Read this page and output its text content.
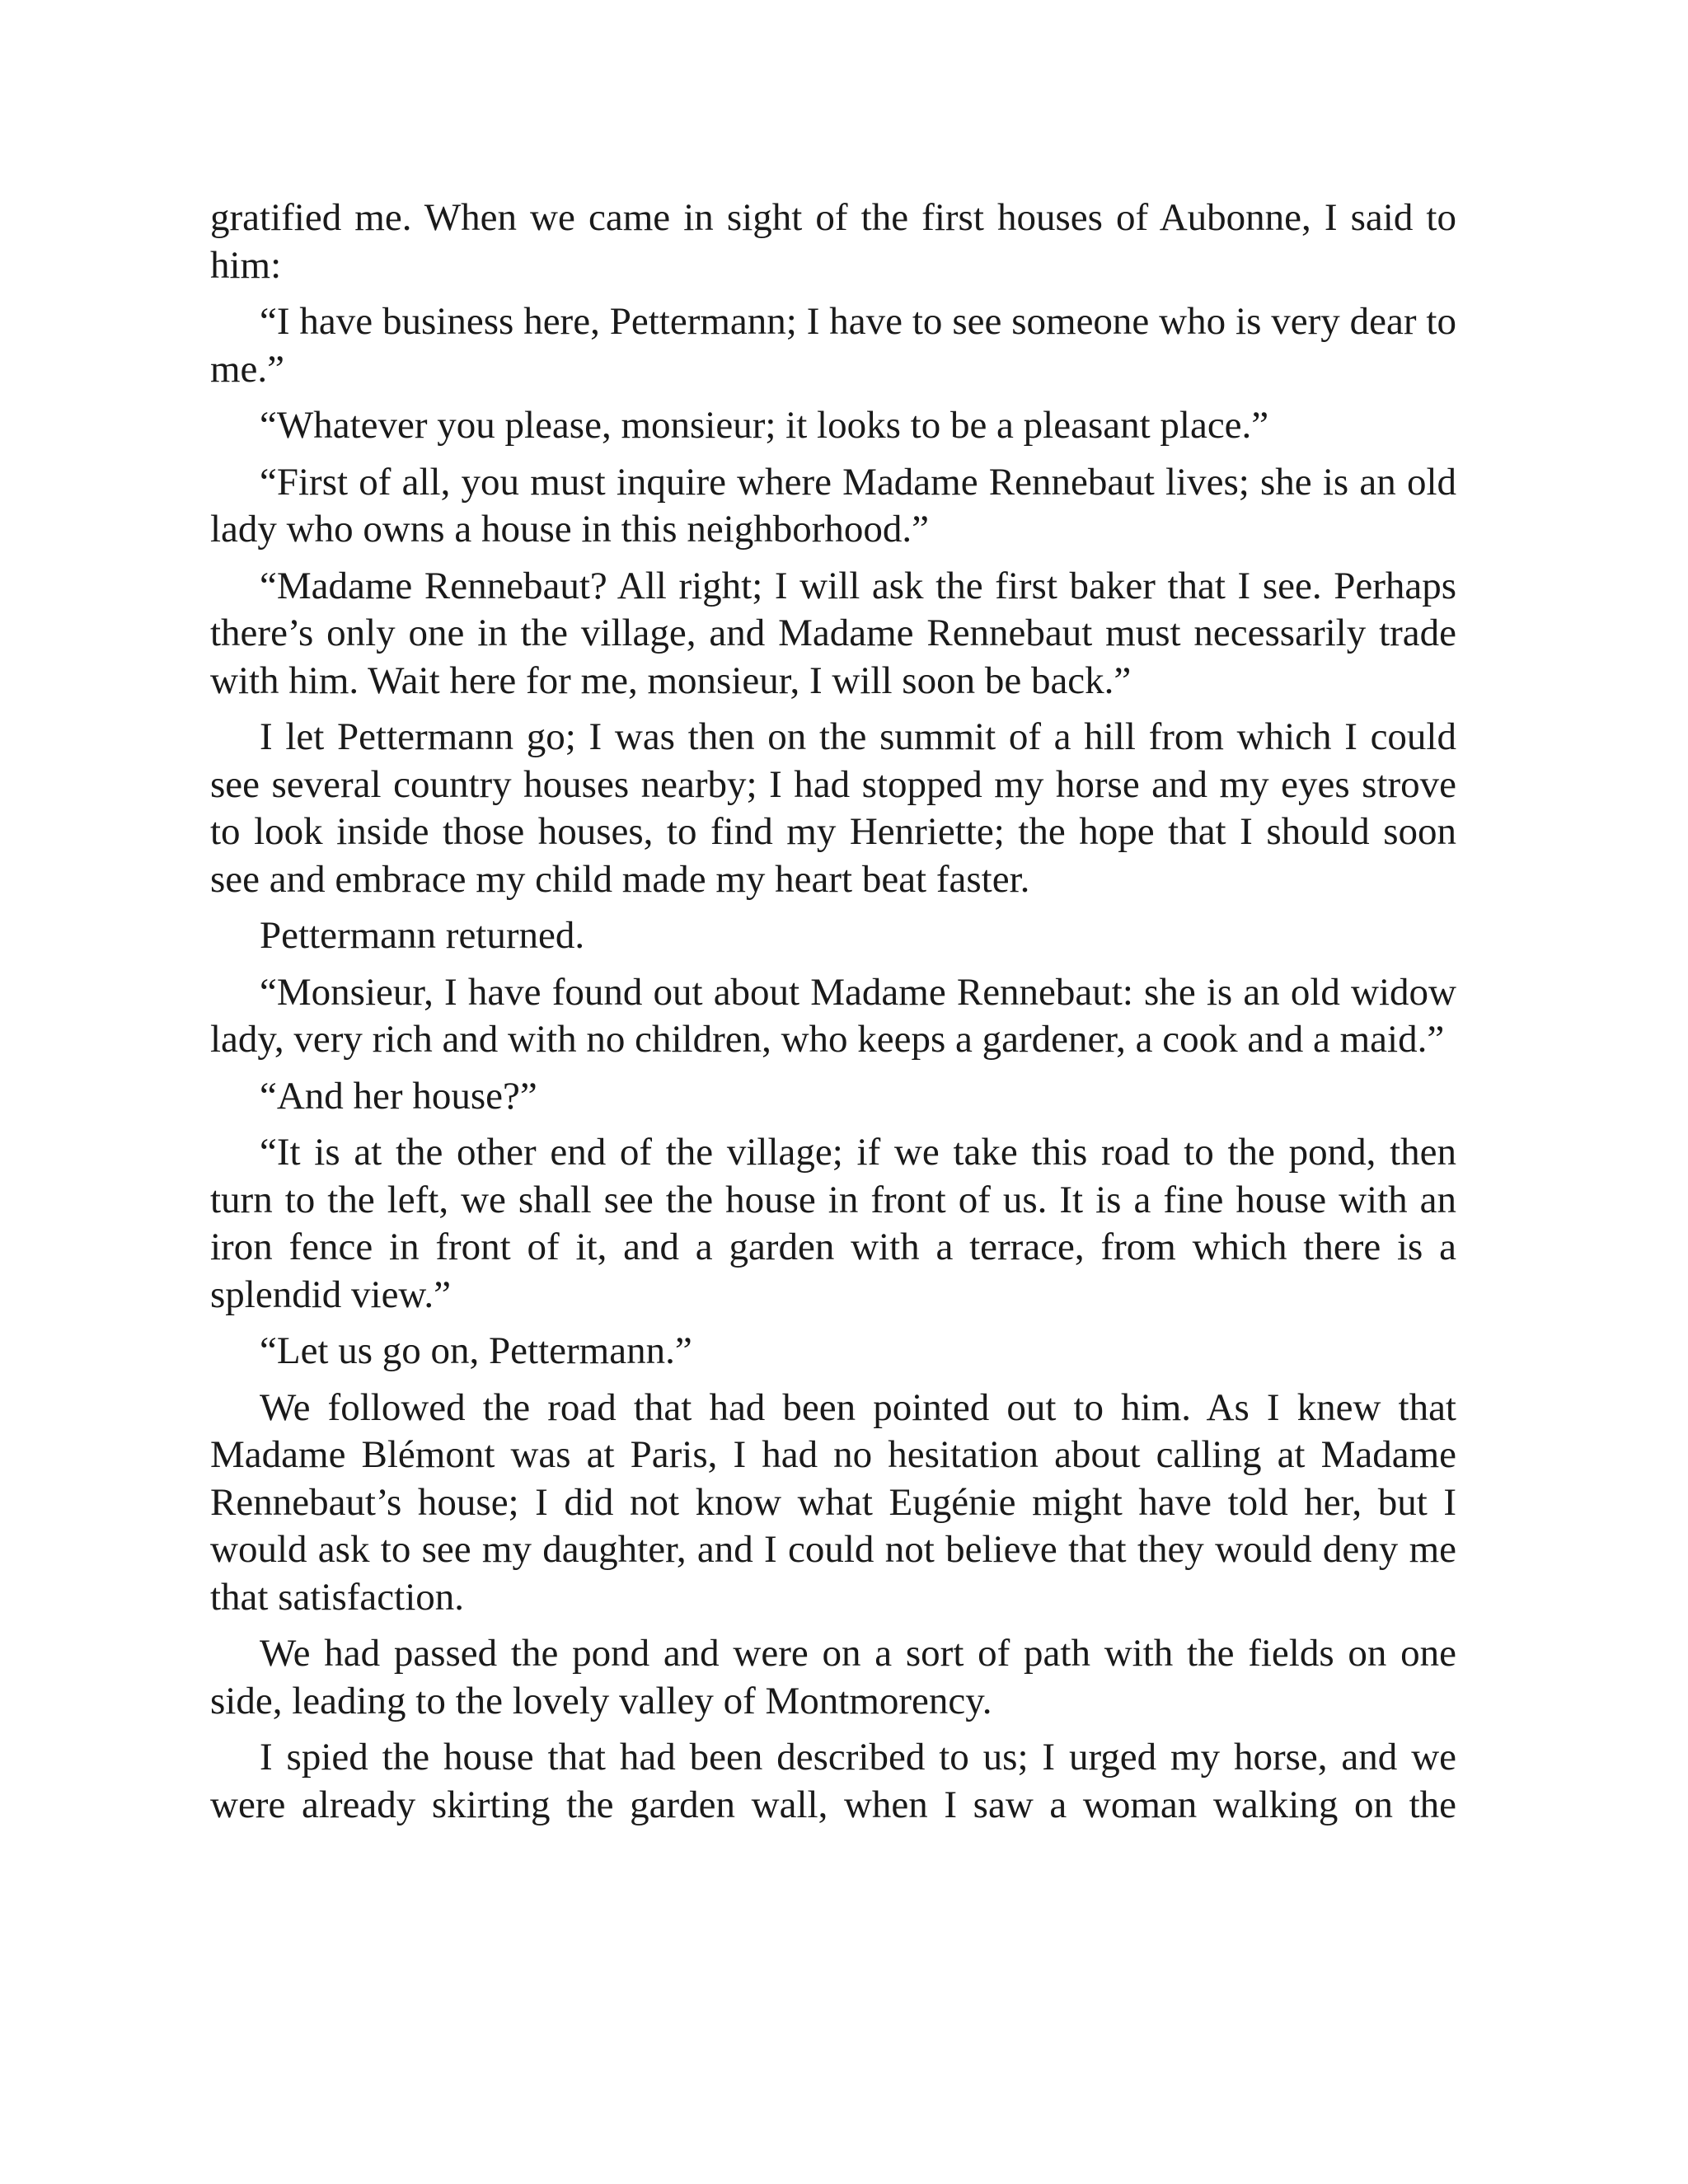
gratified me. When we came in sight of the first houses of Aubonne, I said to him:

“I have business here, Pettermann; I have to see someone who is very dear to me.”

“Whatever you please, monsieur; it looks to be a pleasant place.”

“First of all, you must inquire where Madame Rennebaut lives; she is an old lady who owns a house in this neighborhood.”

“Madame Rennebaut? All right; I will ask the first baker that I see. Perhaps there’s only one in the village, and Madame Rennebaut must necessarily trade with him. Wait here for me, monsieur, I will soon be back.”

I let Pettermann go; I was then on the summit of a hill from which I could see several country houses nearby; I had stopped my horse and my eyes strove to look inside those houses, to find my Henriette; the hope that I should soon see and embrace my child made my heart beat faster.

Pettermann returned.

“Monsieur, I have found out about Madame Rennebaut: she is an old widow lady, very rich and with no children, who keeps a gardener, a cook and a maid.”

“And her house?”

“It is at the other end of the village; if we take this road to the pond, then turn to the left, we shall see the house in front of us. It is a fine house with an iron fence in front of it, and a garden with a terrace, from which there is a splendid view.”

“Let us go on, Pettermann.”

We followed the road that had been pointed out to him. As I knew that Madame Blémont was at Paris, I had no hesitation about calling at Madame Rennebaut’s house; I did not know what Eugénie might have told her, but I would ask to see my daughter, and I could not believe that they would deny me that satisfaction.

We had passed the pond and were on a sort of path with the fields on one side, leading to the lovely valley of Montmorency.

I spied the house that had been described to us; I urged my horse, and we were already skirting the garden wall, when I saw a woman walking on the
